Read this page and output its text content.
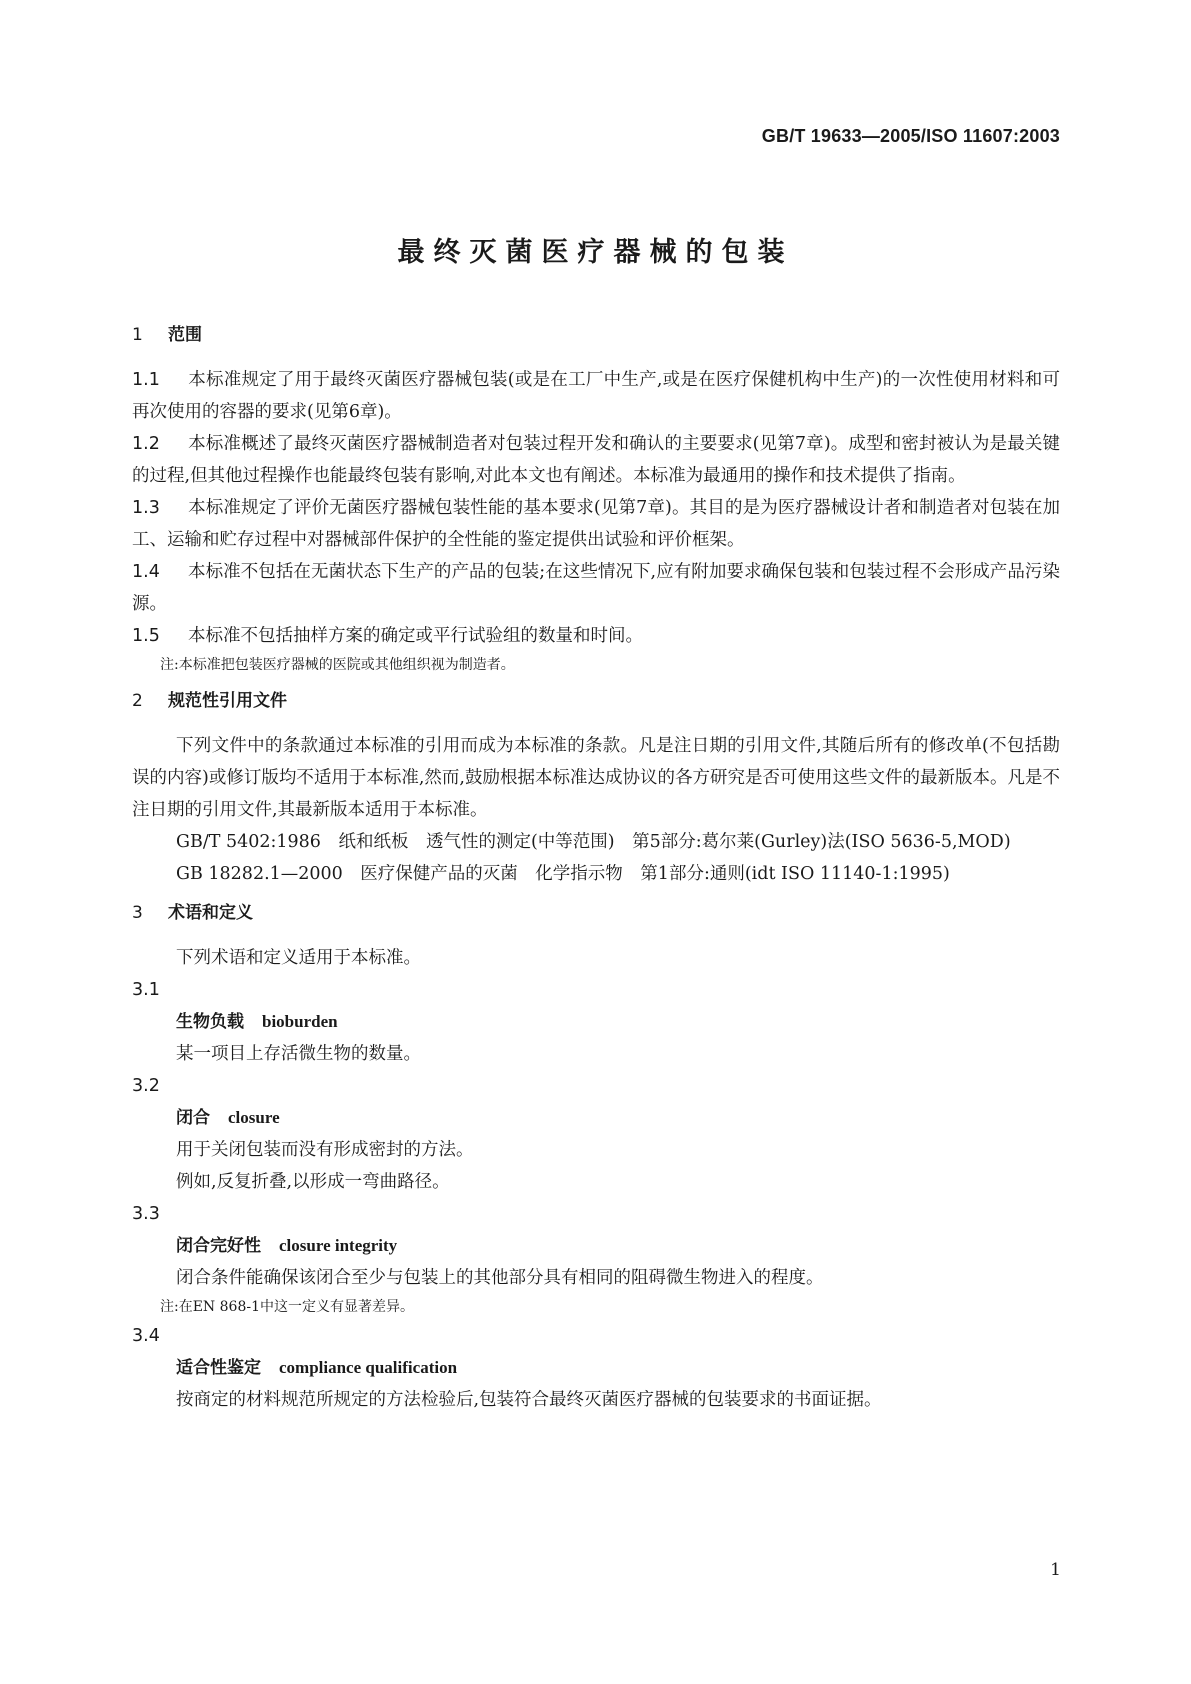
GB/T 19633—2005/ISO 11607:2003
最终灭菌医疗器械的包装

1 范围

1.1 本标准规定了用于最终灭菌医疗器械包装(或是在工厂中生产,或是在医疗保健机构中生产)的一次性使用材料和可再次使用的容器的要求(见第6章)。

1.2 本标准概述了最终灭菌医疗器械制造者对包装过程开发和确认的主要要求(见第7章)。成型和密封被认为是最关键的过程,但其他过程操作也能最终包装有影响,对此本文也有阐述。本标准为最通用的操作和技术提供了指南。

1.3 本标准规定了评价无菌医疗器械包装性能的基本要求(见第7章)。其目的是为医疗器械设计者和制造者对包装在加工、运输和贮存过程中对器械部件保护的全性能的鉴定提供出试验和评价框架。

1.4 本标准不包括在无菌状态下生产的产品的包装;在这些情况下,应有附加要求确保包装和包装过程不会形成产品污染源。

1.5 本标准不包括抽样方案的确定或平行试验组的数量和时间。

注:本标准把包装医疗器械的医院或其他组织视为制造者。

2 规范性引用文件

下列文件中的条款通过本标准的引用而成为本标准的条款。凡是注日期的引用文件,其随后所有的修改单(不包括勘误的内容)或修订版均不适用于本标准,然而,鼓励根据本标准达成协议的各方研究是否可使用这些文件的最新版本。凡是不注日期的引用文件,其最新版本适用于本标准。

GB/T 5402:1986　纸和纸板　透气性的测定(中等范围)　第5部分:葛尔莱(Gurley)法(ISO 5636-5,MOD)

GB 18282.1—2000　医疗保健产品的灭菌　化学指示物　第1部分:通则(idt ISO 11140-1:1995)

3 术语和定义

下列术语和定义适用于本标准。

3.1

生物负载 bioburden

某一项目上存活微生物的数量。

3.2

闭合 closure

用于关闭包装而没有形成密封的方法。

例如,反复折叠,以形成一弯曲路径。

3.3

闭合完好性 closure integrity

闭合条件能确保该闭合至少与包装上的其他部分具有相同的阻碍微生物进入的程度。

注:在EN 868-1中这一定义有显著差异。

3.4

适合性鉴定 compliance qualification

按商定的材料规范所规定的方法检验后,包装符合最终灭菌医疗器械的包装要求的书面证据。

1
